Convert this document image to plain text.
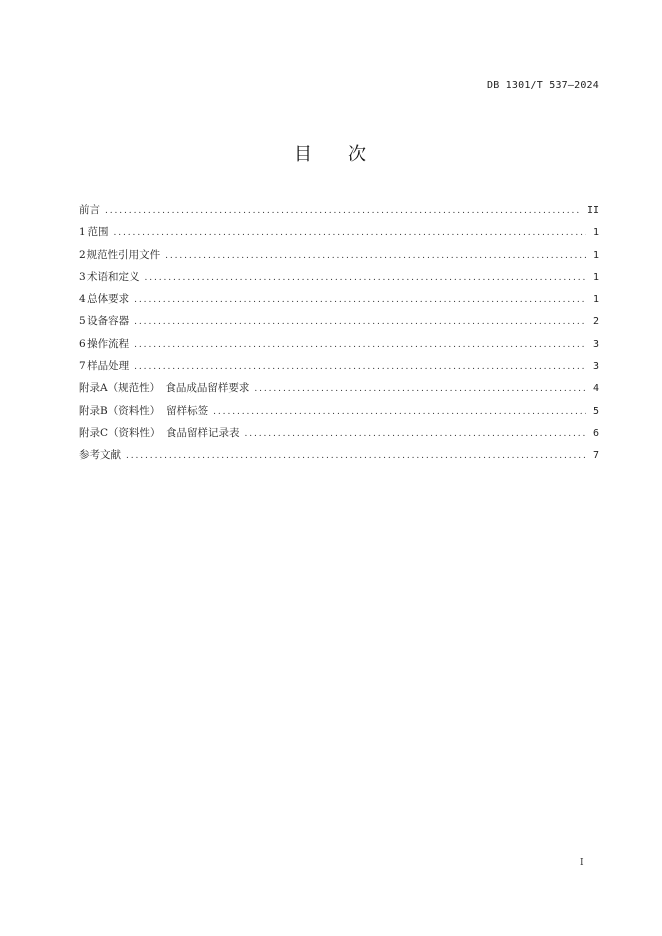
DB 1301/T 537—2024
目 次
前言 .....	II
1 范围 .....	1
2 规范性引用文件 .....	1
3 术语和定义 .....	1
4 总体要求 .....	1
5 设备容器 .....	2
6 操作流程 .....	3
7 样品处理 .....	3
附录A（规范性） 食品成品留样要求 .....	4
附录B（资料性） 留样标签 .....	5
附录C（资料性） 食品留样记录表 .....	6
参考文献 .....	7
I
